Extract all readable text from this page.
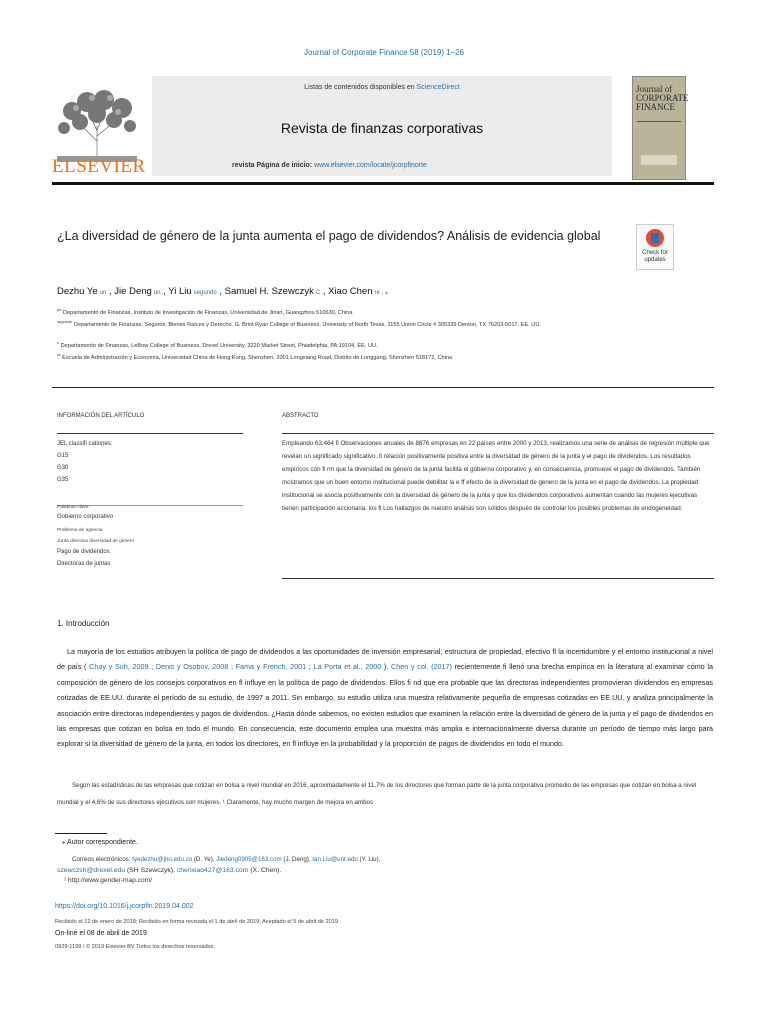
Journal of Corporate Finance 58 (2019) 1–26
ELSEVIER
Listas de contenidos disponibles en ScienceDirect
Revista de finanzas corporativas
revista Página de inicio: www.elsevier.com/locate/jcorpfinorte
Journal of CORPORATE FINANCE
¿La diversidad de género de la junta aumenta el pago de dividendos? Análisis de evidencia global
Check for updates
Dezhu Ye un , Jie Deng un , Yi Liu segundo , Samuel H. Szewczyk C , Xiao Chen re , ⁎
$^{un}$ Departamento de Finanzas, Instituto de Investigación de Finanzas, Universidad de Jinan, Guangzhou 510630, China
$^{segundo}$ Departamento de Finanzas, Seguros, Bienes Raíces y Derecho. G. Brint Ryan College of Business, University of North Texas, 1155 Union Circle # 305339 Denton, TX 76203-5017, EE. UU.
$^c$ Departamento de Finanzas, LeBow College of Business, Drexel University, 3220 Market Street, Phiadelphia, PA 19104, EE. UU.
$^{re}$ Escuela de Administración y Economía, Universidad China de Hong Kong, Shenzhen, 2001 Longxiang Road, Distrito de Longgang, Shenzhen 518172, China
INFORMACIÓN DEL ARTÍCULO	ABSTRACTO
JEL classifi cationes:
G15
G30
G35
Palabras clave:
Gobierno corporativo
Problema de agencia
Junta directiva diversidad de género
Pago de dividendos
Directoras de juntas
Empleando 63,464 fi Observaciones anuales de 8876 empresas en 22 países entre 2000 y 2013, realizamos una serie de análisis de regresión múltiple que revelan un significado significativo. fi relación positivamente positiva entre la diversidad de género de la junta y el pago de dividendos. Los resultados empíricos con fi rm que la diversidad de género de la junta facilita el gobierno corporativo y, en consecuencia, promueve el pago de dividendos. También mostramos que un buen entorno institucional puede debilitar la e ff efecto de la diversidad de género de la junta en el pago de dividendos. La propiedad institucional se asocia positivamente con la diversidad de género de la junta y que los dividendos corporativos aumentan cuando las mujeres ejecutivas tienen participación accionaria. los fi Los hallazgos de nuestro análisis son sólidos después de controlar los posibles problemas de endogeneidad.
1. Introducción
La mayoría de los estudios atribuyen la política de pago de dividendos a las oportunidades de inversión empresarial, estructura de propiedad, efectivo fl la incertidumbre y el entorno institucional a nivel de país ( Chay y Suh, 2009 ; Denis y Osobov, 2008 ; Fama y French, 2001 ; La Porta et al., 2000 ). Chen y col. (2017) recientemente fi llenó una brecha empírica en la literatura al examinar cómo la composición de género de los consejos corporativos en fl influye en la política de pago de dividendos. Ellos fi nd que era probable que las directoras independientes promovieran dividendos en empresas cotizadas de EE.UU. durante el período de su estudio, de 1997 a 2011. Sin embargo, su estudio utiliza una muestra relativamente pequeña de empresas cotizadas en EE.UU. y analiza principalmente la asociación entre directoras independientes y pagos de dividendos. ¿Hasta dónde sabemos, no existen estudios que examinen la relación entre la diversidad de género de la junta y el pago de dividendos en las empresas que cotizan en bolsa en todo el mundo. En consecuencia, este documento emplea una muestra más amplia e internacionalmente diversa durante un período de tiempo más largo para explorar si la diversidad de género de la junta, en todos los directores, en fl influye en la probabilidad y la proporción de pagos de dividendos en todo el mundo.
Según las estadísticas de las empresas que cotizan en bolsa a nivel mundial en 2016, aproximadamente el 11,7% de los directores que forman parte de la junta corporativa promedio de las empresas que cotizan en bolsa a nivel mundial y el 4,6% de sus directores ejecutivos son mujeres. ¹ Claramente, hay mucho margen de mejora en ambos
⁎ Autor correspondiente.
Correos electrónicos: tyedezhu@jnu.edu.cn (D. Ye), Jiedeng0905@163.com (J. Deng), Ian.Liu@unt.edu (Y. Liu),
szewczsh@drexel.edu (SH Szewczyk), chenxiao427@163.com (X. Chen).
¹ http://www.gender-map.com/
https://doi.org/10.1016/j.jcorpfin.2019.04.002
Recibido el 12 de enero de 2018; Recibido en forma revisada el 1 de abril de 2019; Aceptado el 5 de abril de 2019
On-line el 08 de abril de 2019
0929-1199 / © 2019 Elsevier BV Todos los derechos reservados.
